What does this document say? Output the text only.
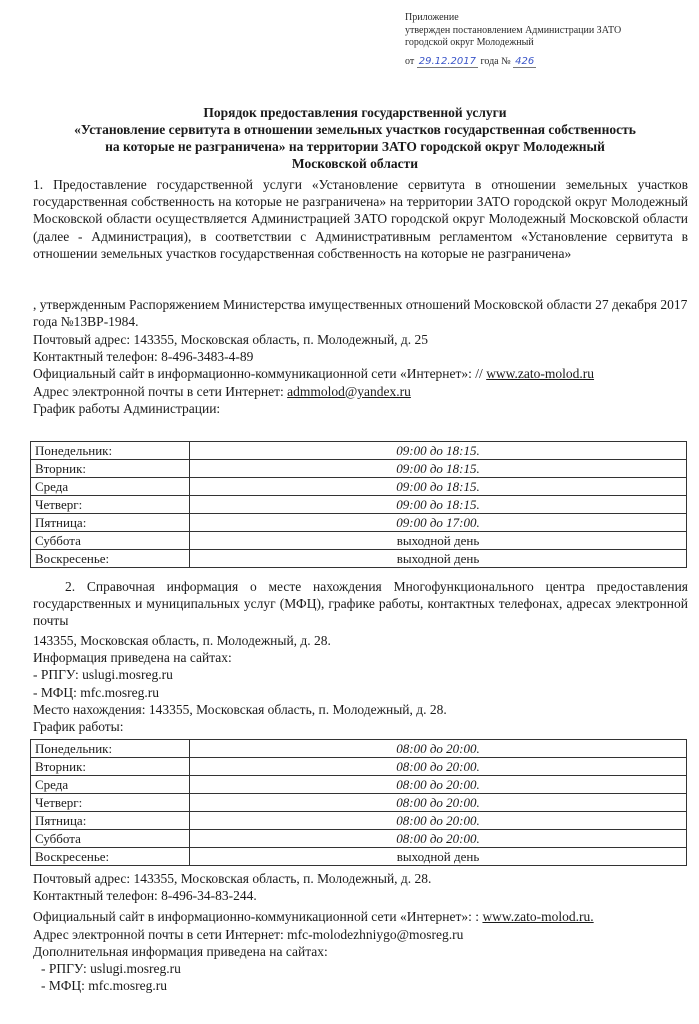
Приложение
утвержден постановлением Администрации ЗАТО
городской округ Молодежный
от 29.12.2017 года № 426
Порядок предоставления государственной услуги
«Установление сервитута в отношении земельных участков государственная собственность
на которые не разграничена» на территории ЗАТО городской округ Молодежный
Московской области
1. Предоставление государственной услуги «Установление сервитута в отношении земельных участков государственная собственность на которые не разграничена» на территории ЗАТО городской округ Молодежный Московской области осуществляется Администрацией ЗАТО городской округ Молодежный Московской области (далее - Администрация), в соответствии с Административным регламентом «Установление сервитута в отношении земельных участков государственная собственность на которые не разграничена»
, утвержденным Распоряжением Министерства имущественных отношений Московской области 27 декабря 2017 года №13ВР-1984.
Почтовый адрес: 143355, Московская область, п. Молодежный, д. 25
Контактный телефон: 8-496-3483-4-89
Официальный сайт в информационно-коммуникационной сети «Интернет»: // www.zato-molod.ru
Адрес электронной почты в сети Интернет: admmolod@yandex.ru
График работы Администрации:
Понедельник:	09:00 до 18:15.
Вторник:	09:00 до 18:15.
Среда	09:00 до 18:15.
Четверг:	09:00 до 18:15.
Пятница:	09:00 до 17:00.
Суббота	выходной день
Воскресенье:	выходной день
2. Справочная информация о месте нахождения Многофункционального центра предоставления государственных и муниципальных услуг (МФЦ), графике работы, контактных телефонах, адресах электронной почты
143355, Московская область, п. Молодежный, д. 28.
Информация приведена на сайтах:
- РПГУ: uslugi.mosreg.ru
- МФЦ: mfc.mosreg.ru
Место нахождения: 143355, Московская область, п. Молодежный, д. 28.
График работы:
Понедельник:	08:00 до 20:00.
Вторник:	08:00 до 20:00.
Среда	08:00 до 20:00.
Четверг:	08:00 до 20:00.
Пятница:	08:00 до 20:00.
Суббота	08:00 до 20:00.
Воскресенье:	выходной день
Почтовый адрес: 143355, Московская область, п. Молодежный, д. 28.
Контактный телефон: 8-496-34-83-244.
Официальный сайт в информационно-коммуникационной сети «Интернет»: : www.zato-molod.ru.
Адрес электронной почты в сети Интернет: mfc-molodezhniygo@mosreg.ru
Дополнительная информация приведена на сайтах:
- РПГУ: uslugi.mosreg.ru
- МФЦ: mfc.mosreg.ru
